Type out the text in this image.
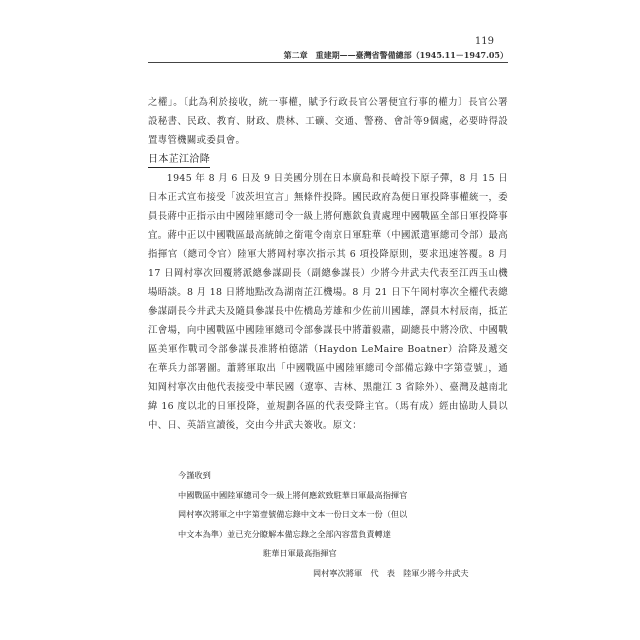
119
第二章　重建期——臺灣省警備總部（1945.11－1947.05）

之權」。〔此為利於接收，統一事權，賦予行政長官公署便宜行事的權力〕長官公署設秘書、民政、教育、財政、農林、工礦、交通、警務、會計等9個處，必要時得設置專管機關或委員會。

日本芷江洽降

1945 年 8 月 6 日及 9 日美國分別在日本廣島和長崎投下原子彈，8 月 15 日日本正式宣布接受「波茨坦宣言」無條件投降。國民政府為便日軍投降事權統一，委員長蔣中正指示由中國陸軍總司令一級上將何應欽負責處理中國戰區全部日軍投降事宜。蔣中正以中國戰區最高統帥之銜電令南京日軍駐華（中國派遣軍總司令部）最高指揮官（總司令官）陸軍大將岡村寧次指示其 6 項投降原則，要求迅速答覆。8 月 17 日岡村寧次回覆將派總參謀副長（副總參謀長）少將今井武夫代表至江西玉山機場晤談。8 月 18 日將地點改為湖南芷江機場。8 月 21 日下午岡村寧次全權代表總參謀副長今井武夫及隨員參謀長中佐橋島芳雄和少佐前川國雄，譯員木村辰南，抵芷江會場，向中國戰區中國陸軍總司令部參謀長中將蕭毅肅，副總長中將冷欣、中國戰區美軍作戰司令部參謀長准將柏德諾（Haydon LeMaire Boatner）洽降及遞交在華兵力部署圖。蕭將軍取出「中國戰區中國陸軍總司令部備忘錄中字第壹號」，通知岡村寧次由他代表接受中華民國（遼寧、吉林、黑龍江 3 省除外）、臺灣及越南北緯 16 度以北的日軍投降，並規劃各區的代表受降主官。（馬有成）經由協助人員以中、日、英語宣讀後，交由今井武夫簽收。原文：

今謹收到
中國戰區中國陸軍總司令一級上將何應欽致駐華日軍最高指揮官
岡村寧次將軍之中字第壹號備忘錄中文本一份日文本一份（但以
中文本為準）並已充分瞭解本備忘錄之全部內容當負責轉達
駐華日軍最高指揮官
岡村寧次將軍　代　表　陸軍少將今井武夫
